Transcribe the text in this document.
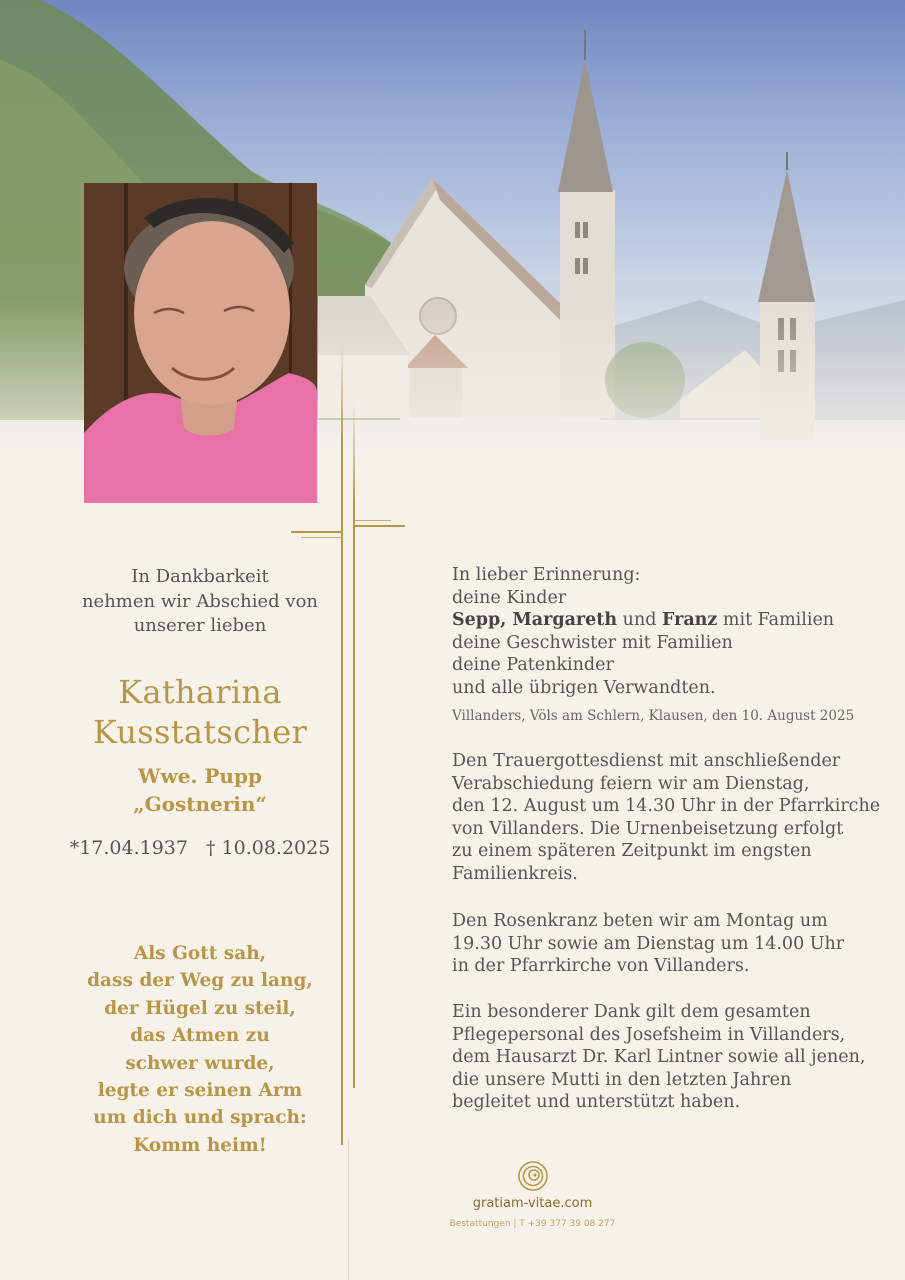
In Dankbarkeit
nehmen wir Abschied von
unserer lieben
Katharina
Kusstatscher
Wwe. Pupp
„Gostnerin“
*17.04.1937 † 10.08.2025
Als Gott sah,
dass der Weg zu lang,
der Hügel zu steil,
das Atmen zu
schwer wurde,
legte er seinen Arm
um dich und sprach:
Komm heim!
In lieber Erinnerung:
deine Kinder
Sepp, Margareth und Franz mit Familien
deine Geschwister mit Familien
deine Patenkinder
und alle übrigen Verwandten.
Villanders, Völs am Schlern, Klausen, den 10. August 2025
Den Trauergottesdienst mit anschließender
Verabschiedung feiern wir am Dienstag,
den 12. August um 14.30 Uhr in der Pfarrkirche
von Villanders. Die Urnenbeisetzung erfolgt
zu einem späteren Zeitpunkt im engsten
Familienkreis.
Den Rosenkranz beten wir am Montag um
19.30 Uhr sowie am Dienstag um 14.00 Uhr
in der Pfarrkirche von Villanders.
Ein besonderer Dank gilt dem gesamten
Pflegepersonal des Josefsheim in Villanders,
dem Hausarzt Dr. Karl Lintner sowie all jenen,
die unsere Mutti in den letzten Jahren
begleitet und unterstützt haben.
gratiam-vitae.com
Bestattungen | T +39 377 39 08 277
